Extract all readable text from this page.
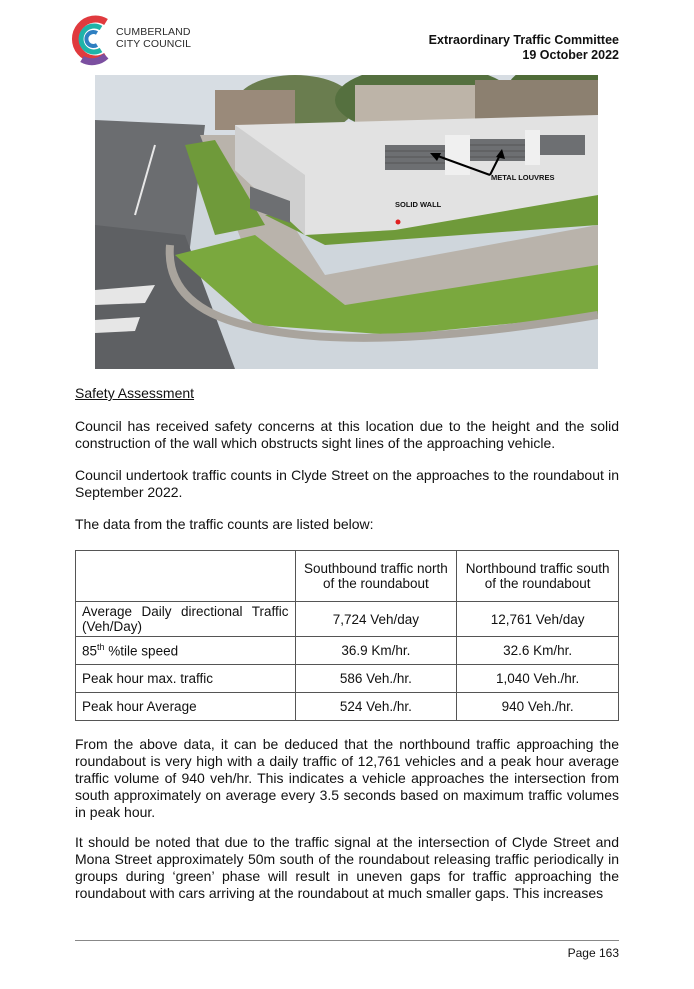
CUMBERLAND
CITY COUNCIL	Extraordinary Traffic Committee
19 October 2022
METAL LOUVRES
SOLID WALL
Safety Assessment

Council has received safety concerns at this location due to the height and the solid construction of the wall which obstructs sight lines of the approaching vehicle.

Council undertook traffic counts in Clyde Street on the approaches to the roundabout in September 2022.

The data from the traffic counts are listed below:

	Southbound traffic north of the roundabout	Northbound traffic south of the roundabout
Average Daily directional Traffic (Veh/Day)	7,724 Veh/day	12,761 Veh/day
85th %tile speed	36.9 Km/hr.	32.6 Km/hr.
Peak hour max. traffic	586 Veh./hr.	1,040 Veh./hr.
Peak hour Average	524 Veh./hr.	940 Veh./hr.

From the above data, it can be deduced that the northbound traffic approaching the roundabout is very high with a daily traffic of 12,761 vehicles and a peak hour average traffic volume of 940 veh/hr. This indicates a vehicle approaches the intersection from south approximately on average every 3.5 seconds based on maximum traffic volumes in peak hour.

It should be noted that due to the traffic signal at the intersection of Clyde Street and Mona Street approximately 50m south of the roundabout releasing traffic periodically in groups during ‘green’ phase will result in uneven gaps for traffic approaching the roundabout with cars arriving at the roundabout at much smaller gaps. This increases

Page 163
